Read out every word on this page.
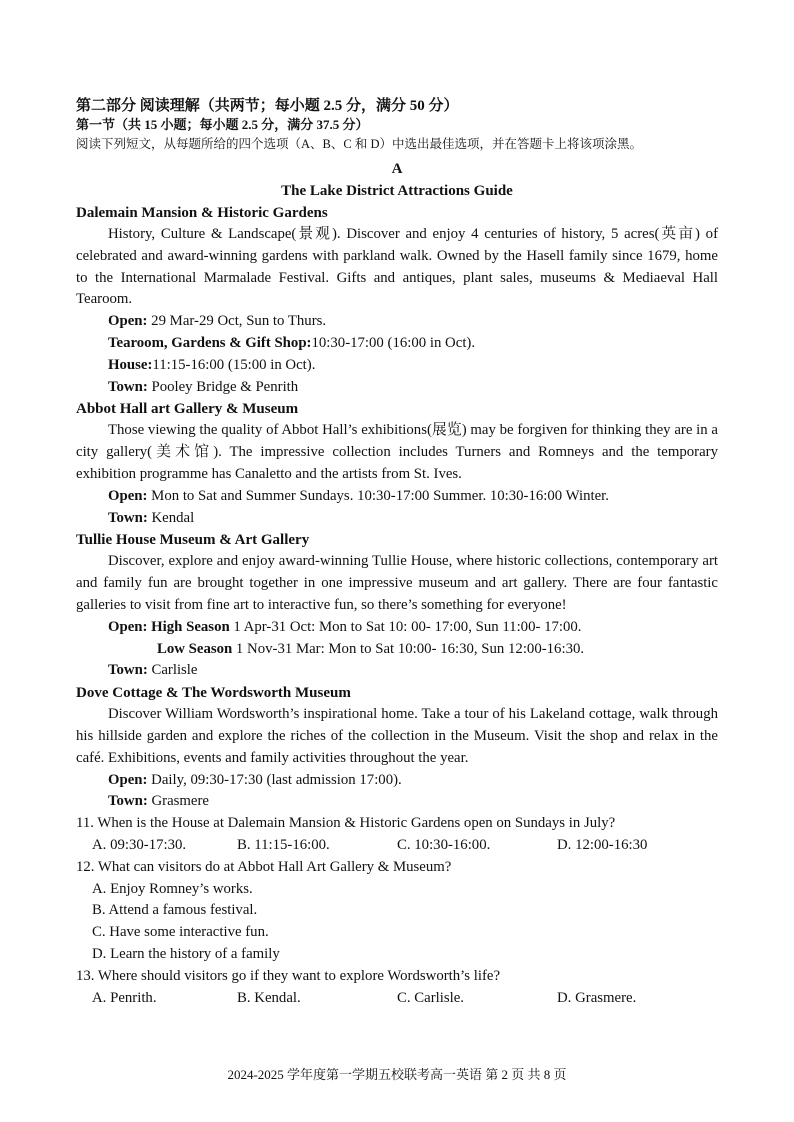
第二部分 阅读理解（共两节；每小题 2.5 分，满分 50 分）
第一节（共 15 小题；每小题 2.5 分，满分 37.5 分）
阅读下列短文，从每题所给的四个选项（A、B、C 和 D）中选出最佳选项，并在答题卡上将该项涂黑。
A
The Lake District Attractions Guide
Dalemain Mansion & Historic Gardens

History, Culture & Landscape(景观). Discover and enjoy 4 centuries of history, 5 acres(英亩) of celebrated and award-winning gardens with parkland walk. Owned by the Hasell family since 1679, home to the International Marmalade Festival. Gifts and antiques, plant sales, museums & Mediaeval Hall Tearoom.

Open: 29 Mar-29 Oct, Sun to Thurs.
Tearoom, Gardens & Gift Shop:10:30-17:00 (16:00 in Oct).
House:11:15-16:00 (15:00 in Oct).
Town: Pooley Bridge & Penrith
Abbot Hall art Gallery & Museum

Those viewing the quality of Abbot Hall’s exhibitions(展览) may be forgiven for thinking they are in a city gallery(美术馆). The impressive collection includes Turners and Romneys and the temporary exhibition programme has Canaletto and the artists from St. Ives.

Open: Mon to Sat and Summer Sundays. 10:30-17:00 Summer. 10:30-16:00 Winter.
Town: Kendal
Tullie House Museum & Art Gallery

Discover, explore and enjoy award-winning Tullie House, where historic collections, contemporary art and family fun are brought together in one impressive museum and art gallery. There are four fantastic galleries to visit from fine art to interactive fun, so there’s something for everyone!

Open: High Season 1 Apr-31 Oct: Mon to Sat 10: 00- 17:00, Sun 11:00- 17:00.
Low Season 1 Nov-31 Mar: Mon to Sat 10:00- 16:30, Sun 12:00-16:30.
Town: Carlisle
Dove Cottage & The Wordsworth Museum

Discover William Wordsworth’s inspirational home. Take a tour of his Lakeland cottage, walk through his hillside garden and explore the riches of the collection in the Museum. Visit the shop and relax in the café. Exhibitions, events and family activities throughout the year.

Open: Daily, 09:30-17:30 (last admission 17:00).
Town: Grasmere
11. When is the House at Dalemain Mansion & Historic Gardens open on Sundays in July?
A. 09:30-17:30.	B. 11:15-16:00.	C. 10:30-16:00.	D. 12:00-16:30
12. What can visitors do at Abbot Hall Art Gallery & Museum?
A. Enjoy Romney’s works.
B. Attend a famous festival.
C. Have some interactive fun.
D. Learn the history of a family
13. Where should visitors go if they want to explore Wordsworth’s life?
A. Penrith.	B. Kendal.	C. Carlisle.	D. Grasmere.
2024-2025 学年度第一学期五校联考高一英语 第 2 页 共 8 页
